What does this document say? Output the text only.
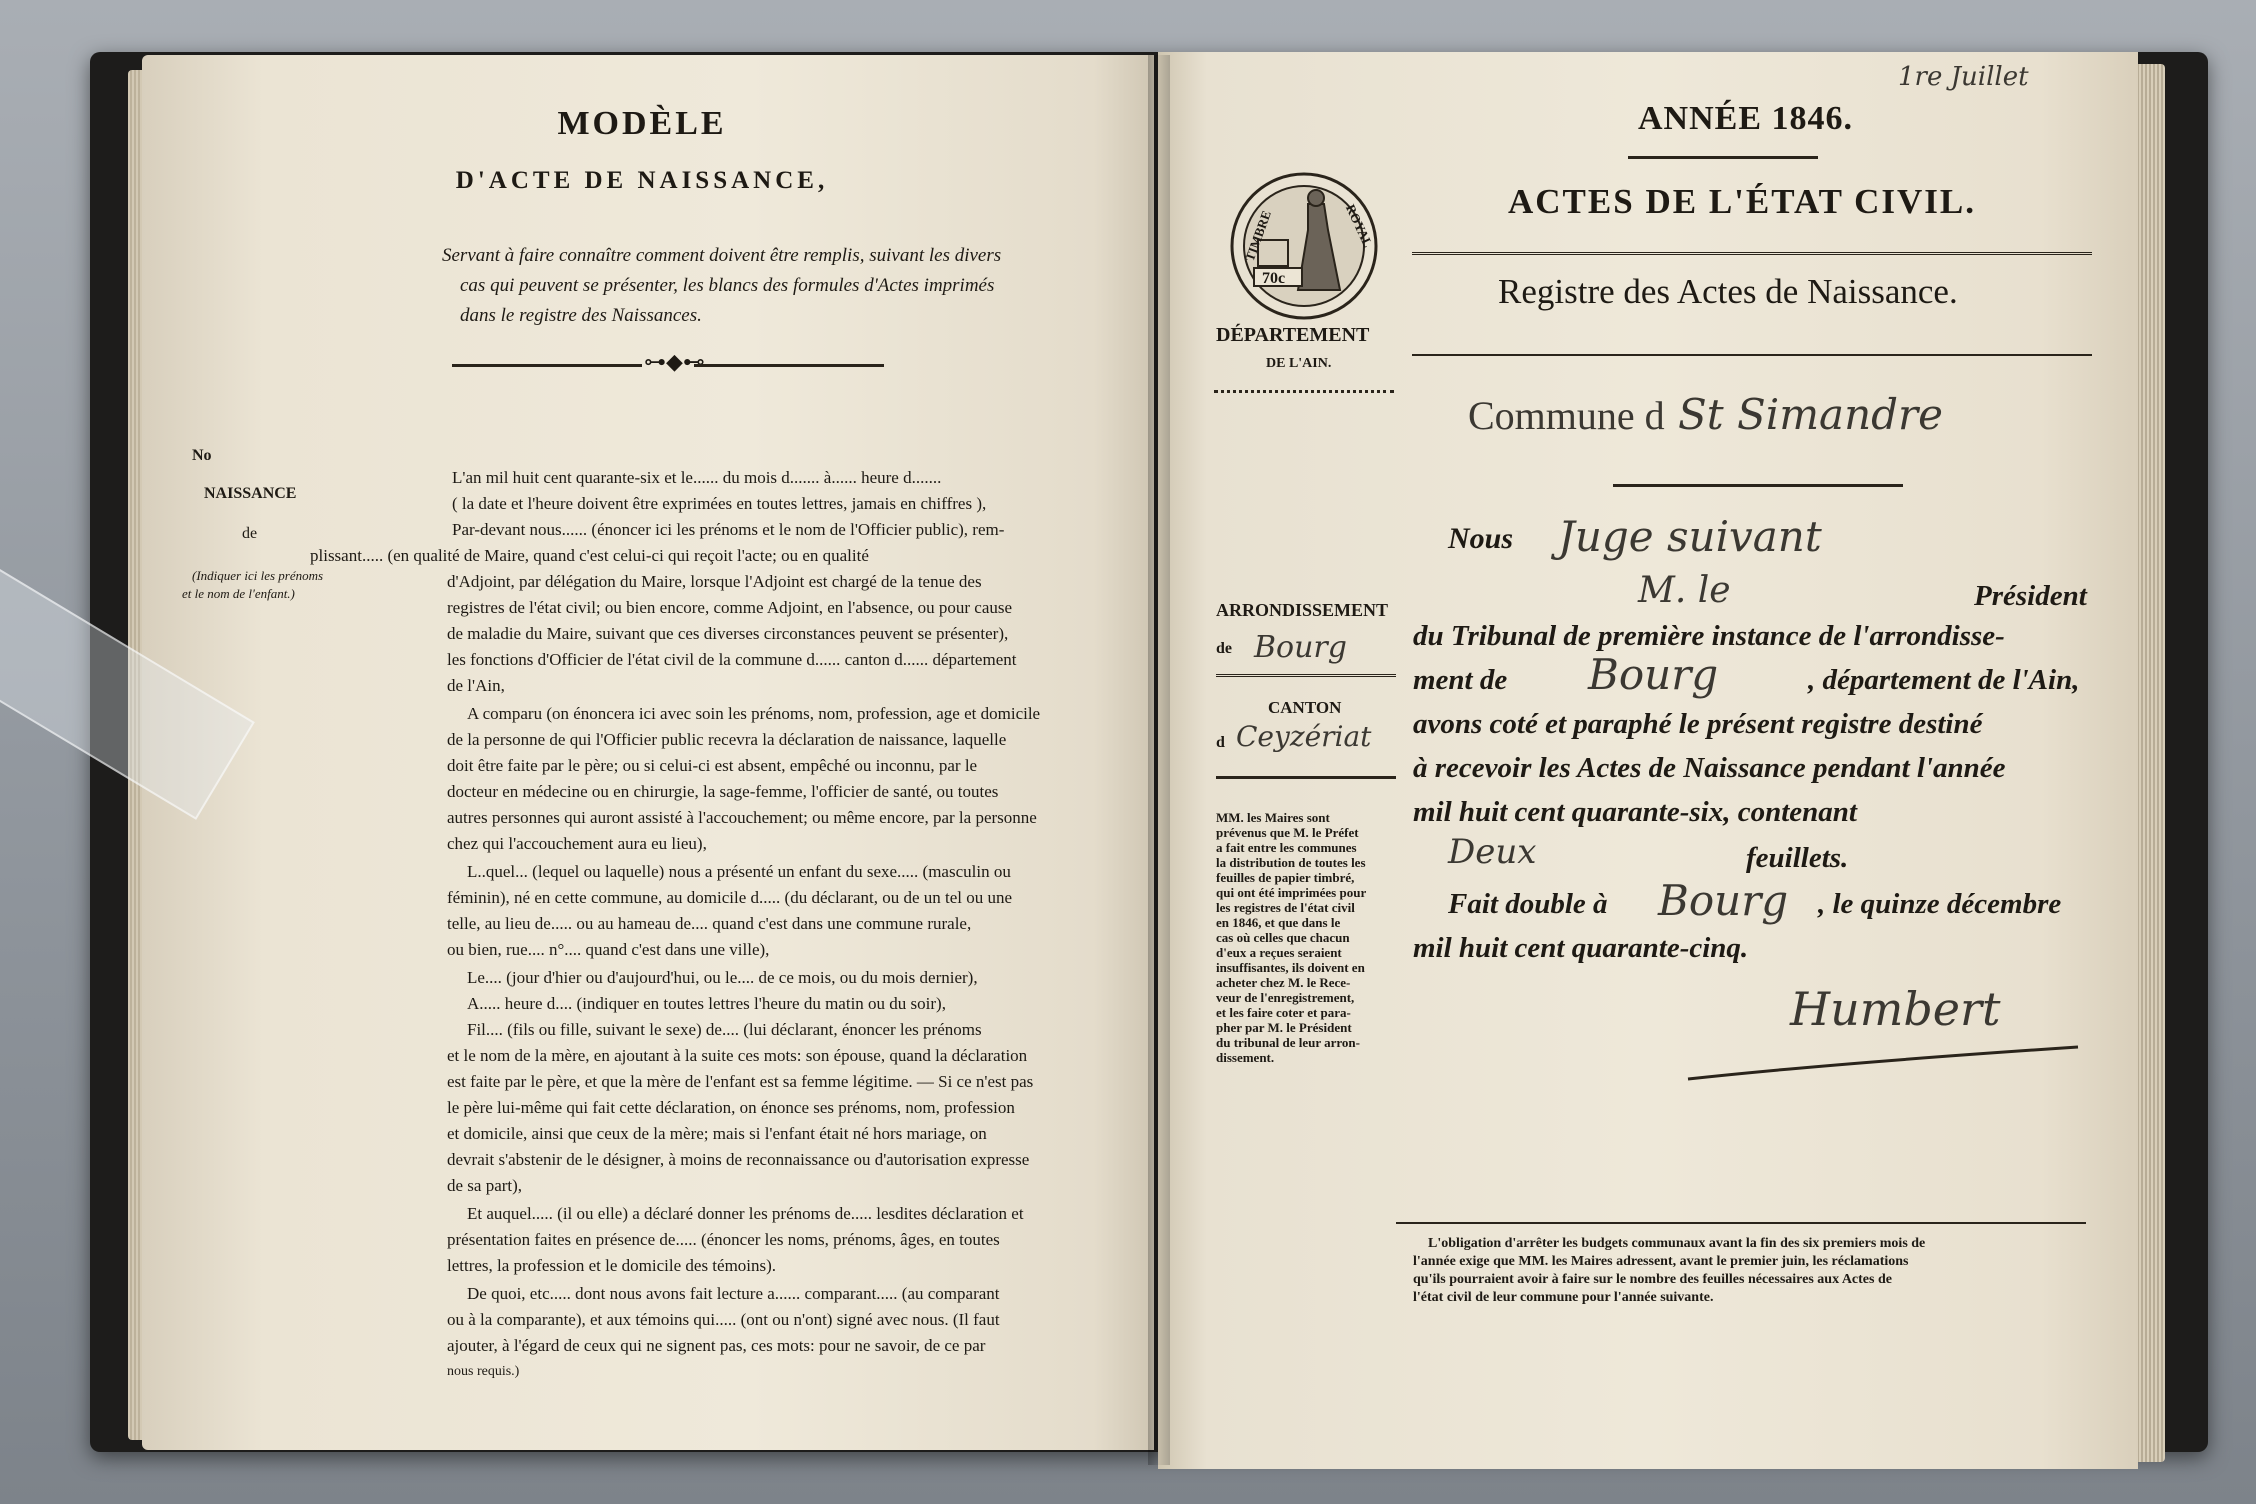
MODÈLE
D'ACTE DE NAISSANCE,
Servant à faire connaître comment doivent être remplis, suivant les divers
cas qui peuvent se présenter, les blancs des formules d'Actes imprimés
dans le registre des Naissances.
⊶◆⊷
No
NAISSANCE
de
(Indiquer ici les prénoms
et le nom de l'enfant.)
L'an mil huit cent quarante-six et le...... du mois d....... à...... heure d.......
( la date et l'heure doivent être exprimées en toutes lettres, jamais en chiffres ),
Par-devant nous...... (énoncer ici les prénoms et le nom de l'Officier public), rem-
plissant..... (en qualité de Maire, quand c'est celui-ci qui reçoit l'acte; ou en qualité
d'Adjoint, par délégation du Maire, lorsque l'Adjoint est chargé de la tenue des
registres de l'état civil; ou bien encore, comme Adjoint, en l'absence, ou pour cause
de maladie du Maire, suivant que ces diverses circonstances peuvent se présenter),
les fonctions d'Officier de l'état civil de la commune d...... canton d...... département
de l'Ain,
A comparu (on énoncera ici avec soin les prénoms, nom, profession, age et domicile
de la personne de qui l'Officier public recevra la déclaration de naissance, laquelle
doit être faite par le père; ou si celui-ci est absent, empêché ou inconnu, par le
docteur en médecine ou en chirurgie, la sage-femme, l'officier de santé, ou toutes
autres personnes qui auront assisté à l'accouchement; ou même encore, par la personne
chez qui l'accouchement aura eu lieu),
L..quel... (lequel ou laquelle) nous a présenté un enfant du sexe..... (masculin ou
féminin), né en cette commune, au domicile d..... (du déclarant, ou de un tel ou une
telle, au lieu de..... ou au hameau de.... quand c'est dans une commune rurale,
ou bien, rue.... n°.... quand c'est dans une ville),
Le.... (jour d'hier ou d'aujourd'hui, ou le.... de ce mois, ou du mois dernier),
A..... heure d.... (indiquer en toutes lettres l'heure du matin ou du soir),
Fil.... (fils ou fille, suivant le sexe) de.... (lui déclarant, énoncer les prénoms
et le nom de la mère, en ajoutant à la suite ces mots: son épouse, quand la déclaration
est faite par le père, et que la mère de l'enfant est sa femme légitime. — Si ce n'est pas
le père lui-même qui fait cette déclaration, on énonce ses prénoms, nom, profession
et domicile, ainsi que ceux de la mère; mais si l'enfant était né hors mariage, on
devrait s'abstenir de le désigner, à moins de reconnaissance ou d'autorisation expresse
de sa part),
Et auquel..... (il ou elle) a déclaré donner les prénoms de..... lesdites déclaration et
présentation faites en présence de..... (énoncer les noms, prénoms, âges, en toutes
lettres, la profession et le domicile des témoins).
De quoi, etc..... dont nous avons fait lecture a...... comparant..... (au comparant
ou à la comparante), et aux témoins qui..... (ont ou n'ont) signé avec nous. (Il faut
ajouter, à l'égard de ceux qui ne signent pas, ces mots: pour ne savoir, de ce par
nous requis.)
1re Juillet
ANNÉE 1846.
ACTES DE L'ÉTAT CIVIL.
TIMBRE	ROYAL
70c
DÉPARTEMENT
DE L'AIN.
Registre des Actes de Naissance.
Commune d St Simandre
Nous Juge suivant
M. le	Président
ARRONDISSEMENT
de Bourg
CANTON
d Ceyzériat
du Tribunal de première instance de l'arrondisse-
ment de Bourg	, département de l'Ain,
avons coté et paraphé le présent registre destiné
à recevoir les Actes de Naissance pendant l'année
mil huit cent quarante-six, contenant
Deux	feuillets.
Fait double à Bourg , le quinze décembre
mil huit cent quarante-cinq.
Humbert
MM. les Maires sont
prévenus que M. le Préfet
a fait entre les communes
la distribution de toutes les
feuilles de papier timbré,
qui ont été imprimées pour
les registres de l'état civil
en 1846, et que dans le
cas où celles que chacun
d'eux a reçues seraient
insuffisantes, ils doivent en
acheter chez M. le Rece-
veur de l'enregistrement,
et les faire coter et para-
pher par M. le Président
du tribunal de leur arron-
dissement.
L'obligation d'arrêter les budgets communaux avant la fin des six premiers mois de
l'année exige que MM. les Maires adressent, avant le premier juin, les réclamations
qu'ils pourraient avoir à faire sur le nombre des feuilles nécessaires aux Actes de
l'état civil de leur commune pour l'année suivante.
